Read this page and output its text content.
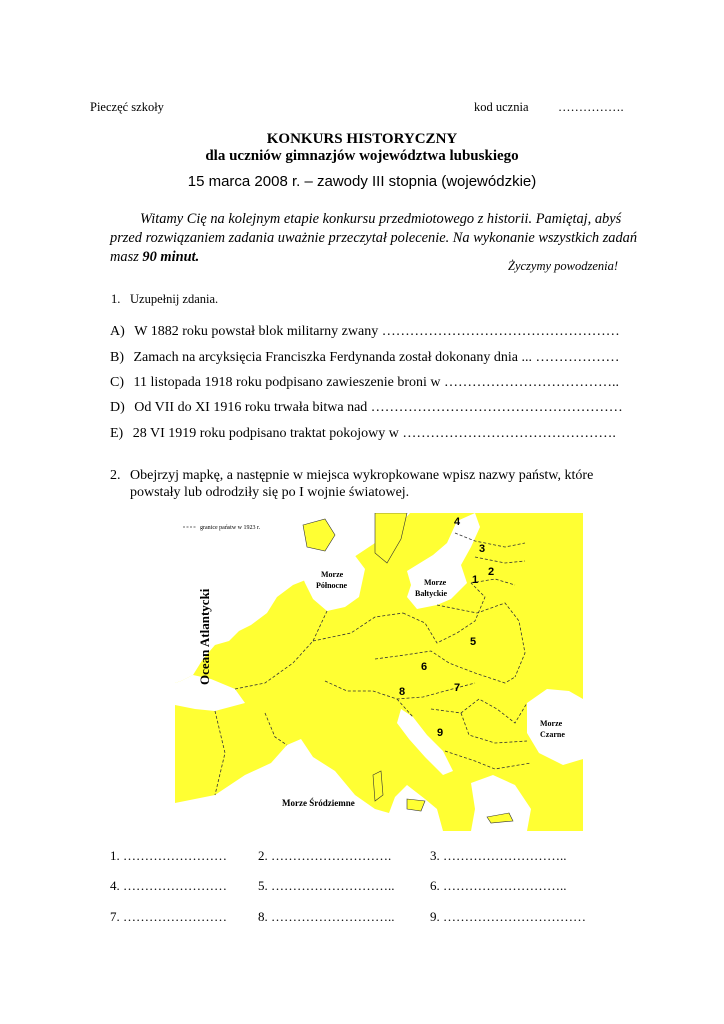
Pieczęć szkoły	kod ucznia …………….
KONKURS HISTORYCZNY
dla uczniów gimnazjów województwa lubuskiego
15 marca 2008 r. – zawody III stopnia (wojewódzkie)
Witamy Cię na kolejnym etapie konkursu przedmiotowego z historii. Pamiętaj, abyś
przed rozwiązaniem zadania uważnie przeczytał polecenie. Na wykonanie wszystkich zadań
masz 90 minut.
Życzymy powodzenia!
1. Uzupełnij zdania.
A) W 1882 roku powstał blok militarny zwany ……………………………………………
B) Zamach na arcyksięcia Franciszka Ferdynanda został dokonany dnia ... ………………
C) 11 listopada 1918 roku podpisano zawieszenie broni w ………………………………..
D) Od VII do XI 1916 roku trwała bitwa nad ………………………………………………
E) 28 VI 1919 roku podpisano traktat pokojowy w ……………………………………….
2. Obejrzyj mapkę, a następnie w miejsca wykropkowane wpisz nazwy państw, które
powstały lub odrodziły się po I wojnie światowej.
granice państw w 1923 r.
Ocean Atlantycki
Morze
Północne	Morze
Bałtyckie
Morze
Czarne
Morze Śródziemne
1
2
3
4
5
6
7
8
9
1. …………………… 2. ……………………….	3. ………………………..
4. …………………… 5. ………………………..	6. ………………………..
7. …………………… 8. ………………………..	9. ……………………………
